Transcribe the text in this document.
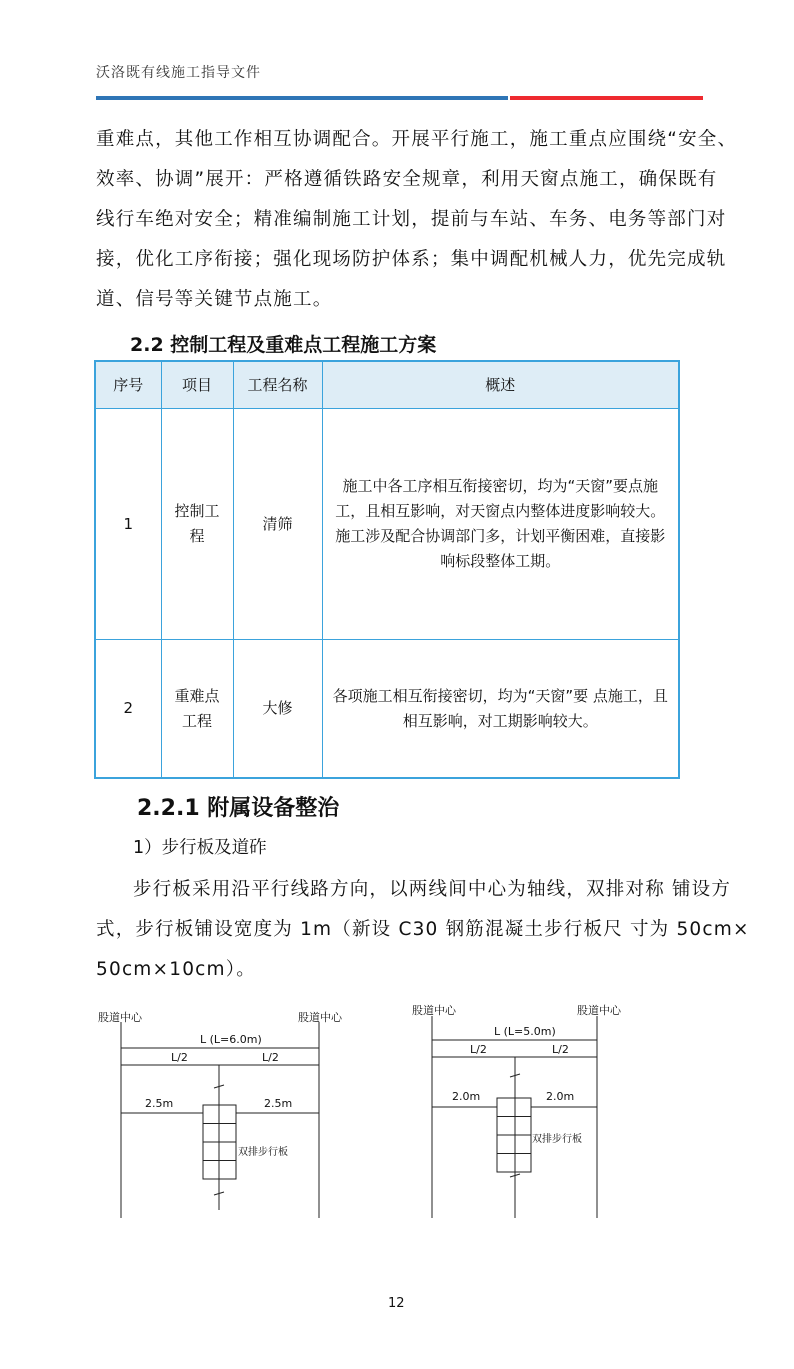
沃洛既有线施工指导文件
重难点，其他工作相互协调配合。开展平行施工，施工重点应围绕“安全、
效率、协调”展开：严格遵循铁路安全规章，利用天窗点施工，确保既有
线行车绝对安全；精准编制施工计划，提前与车站、车务、电务等部门对
接，优化工序衔接；强化现场防护体系；集中调配机械人力，优先完成轨
道、信号等关键节点施工。
2.2 控制工程及重难点工程施工方案
序号	项目	工程名称	概述
1	控制工程	清筛	施工中各工序相互衔接密切，均为“天窗”要点施工，且相互影响，对天窗点内整体进度影响较大。施工涉及配合协调部门多，计划平衡困难，直接影响标段整体工期。
2	重难点工程	大修	各项施工相互衔接密切，均为“天窗”要 点施工，且相互影响，对工期影响较大。
2.2.1 附属设备整治
1）步行板及道砟
步行板采用沿平行线路方向，以两线间中心为轴线，双排对称 铺设方
式，步行板铺设宽度为 1m（新设 C30 钢筋混凝土步行板尺 寸为 50cm×
50cm×10cm）。
股道中心	股道中心
L (L=6.0m)
L/2	L/2
2.5m	2.5m
双排步行板
股道中心	股道中心
L (L=5.0m)
L/2	L/2
2.0m	2.0m
双排步行板
12
